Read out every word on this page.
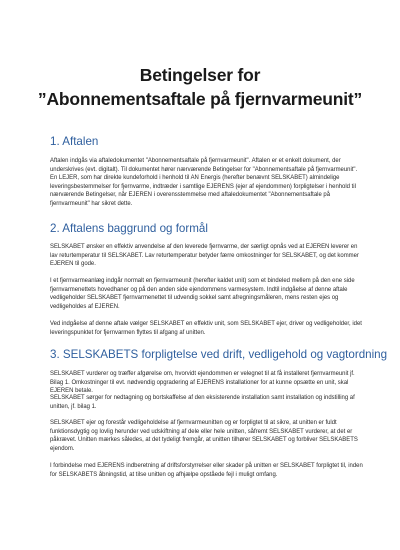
Betingelser for
”Abonnementsaftale på fjernvarmeunit”
1. Aftalen

Aftalen indgås via aftaledokumentet "Abonnementsaftale på fjernvarmeunit". Aftalen er et enkelt dokument, der underskrives (evt. digitalt). Til dokumentet hører nærværende Betingelser for "Abonnementsaftale på fjernvarmeunit". En LEJER, som har direkte kundeforhold i henhold til AN Energis (herefter benævnt SELSKABET) almindelige leveringsbestemmelser for fjernvarme, indtræder i samtlige EJERENS (ejer af ejendommen) forpligtelser i henhold til nærværende Betingelser, når EJEREN i overensstemmelse med aftaledokumentet "Abonnementsaftale på fjernvarmeunit" har sikret dette.

2. Aftalens baggrund og formål

SELSKABET ønsker en effektiv anvendelse af den leverede fjernvarme, der særligt opnås ved at EJEREN leverer en lav returtemperatur til SELSKABET. Lav returtemperatur betyder færre omkostninger for SELSKABET, og det kommer EJEREN til gode.

I et fjernvarmeanlæg indgår normalt en fjernvarmeunit (herefter kaldet unit) som et bindeled mellem på den ene side fjernvarmenettets hovedhaner og på den anden side ejendommens varmesystem. Indtil indgåelse af denne aftale vedligeholder SELSKABET fjernvarmenettet til udvendig sokkel samt afregningsmåleren, mens resten ejes og vedligeholdes af EJEREN.

Ved indgåelse af denne aftale vælger SELSKABET en effektiv unit, som SELSKABET ejer, driver og vedligeholder, idet leveringspunktet for fjernvarmen flyttes til afgang af unitten.

3. SELSKABETS forpligtelse ved drift, vedligehold og vagtordning

SELSKABET vurderer og træffer afgørelse om, hvorvidt ejendommen er velegnet til at få installeret fjernvarmeunit jf. Bilag 1. Omkostninger til evt. nødvendig opgradering af EJERENS installationer for at kunne opsætte en unit, skal EJEREN betale.

SELSKABET sørger for nedtagning og bortskaffelse af den eksisterende installation samt installation og indstilling af unitten, jf. bilag 1.

SELSKABET ejer og forestår vedligeholdelse af fjernvarmeunitten og er forpligtet til at sikre, at unitten er fuldt funktionsdygtig og lovlig herunder ved udskiftning af dele eller hele unitten, såfremt SELSKABET vurderer, at det er påkrævet. Unitten mærkes således, at det tydeligt fremgår, at unitten tilhører SELSKABET og forbliver SELSKABETS ejendom.

I forbindelse med EJERENS indberetning af driftsforstyrrelser eller skader på unitten er SELSKABET forpligtet til, inden for SELSKABETS åbningstid, at tilse unitten og afhjælpe opståede fejl i muligt omfang.
